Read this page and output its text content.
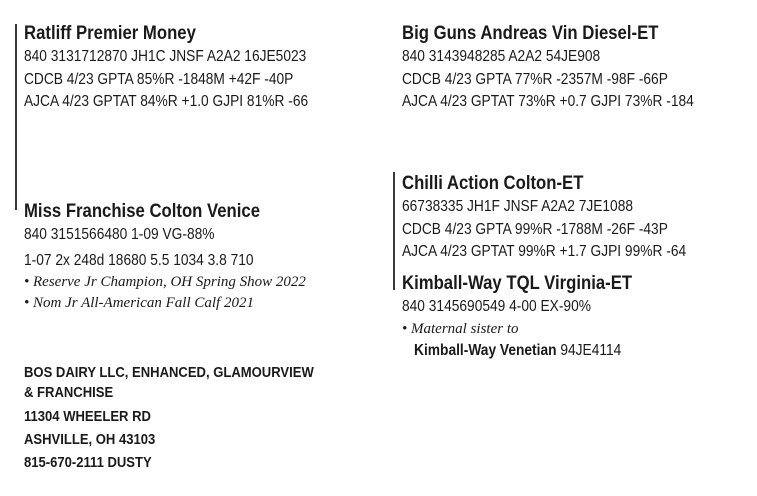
Ratliff Premier Money
840 3131712870 JH1C JNSF A2A2 16JE5023
CDCB 4/23 GPTA 85%R -1848M +42F -40P
AJCA 4/23 GPTAT 84%R +1.0 GJPI 81%R -66
Big Guns Andreas Vin Diesel-ET
840 3143948285 A2A2 54JE908
CDCB 4/23 GPTA 77%R -2357M -98F -66P
AJCA 4/23 GPTAT 73%R +0.7 GJPI 73%R -184
Miss Franchise Colton Venice
840 3151566480 1-09 VG-88%
1-07 2x 248d 18680 5.5 1034 3.8 710
• Reserve Jr Champion, OH Spring Show 2022
• Nom Jr All-American Fall Calf 2021
Chilli Action Colton-ET
66738335 JH1F JNSF A2A2 7JE1088
CDCB 4/23 GPTA 99%R -1788M -26F -43P
AJCA 4/23 GPTAT 99%R +1.7 GJPI 99%R -64
Kimball-Way TQL Virginia-ET
840 3145690549 4-00 EX-90%
• Maternal sister to
Kimball-Way Venetian 94JE4114
BOS DAIRY LLC, ENHANCED, GLAMOURVIEW
& FRANCHISE
11304 WHEELER RD
ASHVILLE, OH 43103
815-670-2111 DUSTY
